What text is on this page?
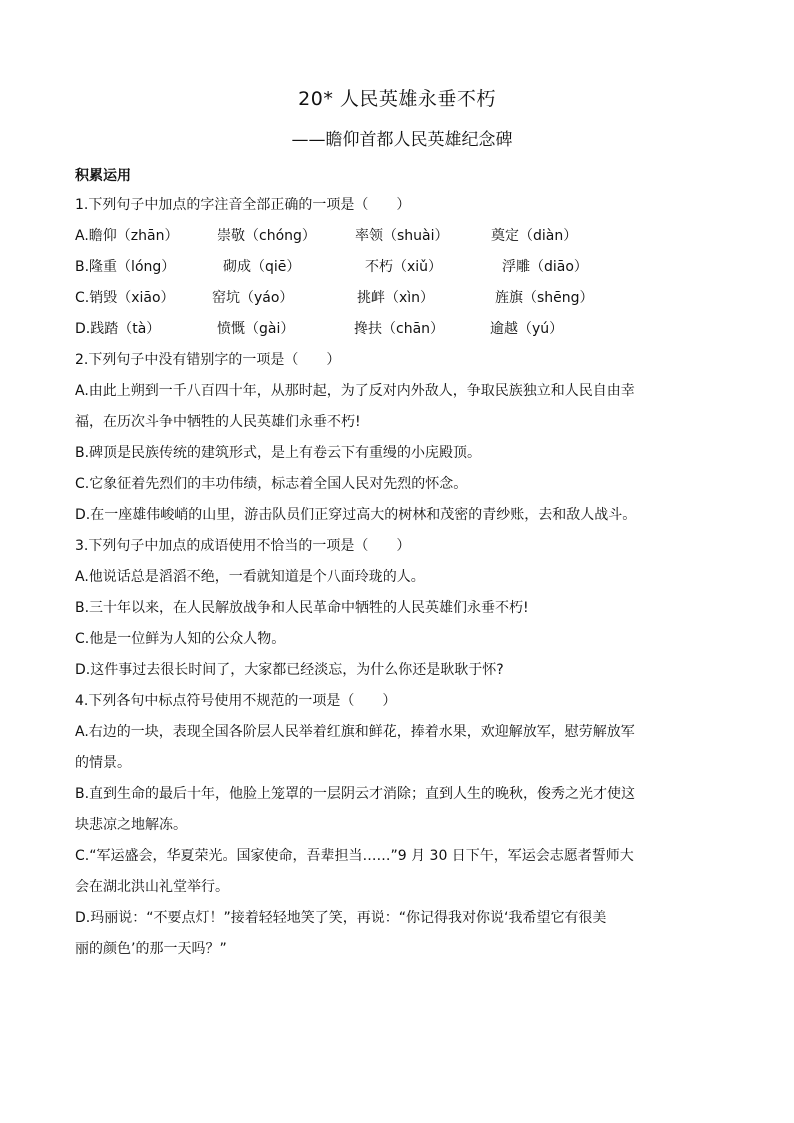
20* 人民英雄永垂不朽
——瞻仰首都人民英雄纪念碑
积累运用
1.下列句子中加点的字注音全部正确的一项是（　　）
A.瞻仰（zhān）	崇敬（chóng）	率领（shuài）	奠定（diàn）
B.隆重（lóng）	砌成（qiē）	不朽（xiǔ）	浮雕（diāo）
C.销毁（xiāo）	窑坑（yáo）	挑衅（xìn）	旌旗（shēng）
D.践踏（tà）	愤慨（gài）	搀扶（chān）	逾越（yú）
2.下列句子中没有错别字的一项是（　　）
A.由此上朔到一千八百四十年，从那时起，为了反对内外敌人，争取民族独立和人民自由幸
福，在历次斗争中牺牲的人民英雄们永垂不朽!
B.碑顶是民族传统的建筑形式，是上有卷云下有重缦的小庑殿顶。
C.它象征着先烈们的丰功伟绩，标志着全国人民对先烈的怀念。
D.在一座雄伟峻峭的山里，游击队员们正穿过高大的树林和茂密的青纱账，去和敌人战斗。
3.下列句子中加点的成语使用不恰当的一项是（　　）
A.他说话总是滔滔不绝，一看就知道是个八面玲珑的人。
B.三十年以来，在人民解放战争和人民革命中牺牲的人民英雄们永垂不朽!
C.他是一位鲜为人知的公众人物。
D.这件事过去很长时间了，大家都已经淡忘，为什么你还是耿耿于怀?
4.下列各句中标点符号使用不规范的一项是（　　）
A.右边的一块，表现全国各阶层人民举着红旗和鲜花，捧着水果，欢迎解放军，慰劳解放军
的情景。
B.直到生命的最后十年，他脸上笼罩的一层阴云才消除；直到人生的晚秋，俊秀之光才使这
块悲凉之地解冻。
C.“军运盛会，华夏荣光。国家使命，吾辈担当……”9 月 30 日下午，军运会志愿者誓师大
会在湖北洪山礼堂举行。
D.玛丽说：“不要点灯！”接着轻轻地笑了笑，再说：“你记得我对你说‘我希望它有很美
丽的颜色’的那一天吗？”
